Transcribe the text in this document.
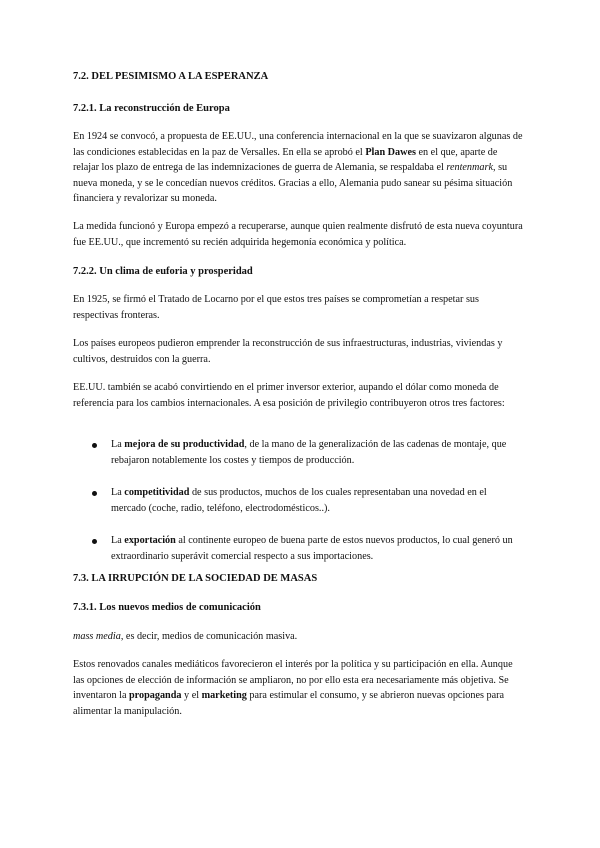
7.2. DEL PESIMISMO A LA ESPERANZA
7.2.1. La reconstrucción de Europa

En 1924 se convocó, a propuesta de EE.UU., una conferencia internacional en la que se suavizaron algunas de las condiciones establecidas en la paz de Versalles. En ella se aprobó el Plan Dawes en el que, aparte de relajar los plazo de entrega de las indemnizaciones de guerra de Alemania, se respaldaba el rentenmark, su nueva moneda, y se le concedían nuevos créditos. Gracias a ello, Alemania pudo sanear su pésima situación financiera y revalorizar su moneda.

La medida funcionó y Europa empezó a recuperarse, aunque quien realmente disfrutó de esta nueva coyuntura fue EE.UU., que incrementó su recién adquirida hegemonía económica y política.

7.2.2. Un clima de euforia y prosperidad

En 1925, se firmó el Tratado de Locarno por el que estos tres países se comprometían a respetar sus respectivas fronteras.

Los países europeos pudieron emprender la reconstrucción de sus infraestructuras, industrias, viviendas y cultivos, destruidos con la guerra.

EE.UU. también se acabó convirtiendo en el primer inversor exterior, aupando el dólar como moneda de referencia para los cambios internacionales. A esa posición de privilegio contribuyeron otros tres factores:

La mejora de su productividad, de la mano de la generalización de las cadenas de montaje, que rebajaron notablemente los costes y tiempos de producción.
La competitividad de sus productos, muchos de los cuales representaban una novedad en el mercado (coche, radio, teléfono, electrodomésticos..).
La exportación al continente europeo de buena parte de estos nuevos productos, lo cual generó un extraordinario superávit comercial respecto a sus importaciones.
7.3. LA IRRUPCIÓN DE LA SOCIEDAD DE MASAS
7.3.1. Los nuevos medios de comunicación

mass media, es decir, medios de comunicación masiva.

Estos renovados canales mediáticos favorecieron el interés por la política y su participación en ella. Aunque las opciones de elección de información se ampliaron, no por ello esta era necesariamente más objetiva. Se inventaron la propaganda y el marketing para estimular el consumo, y se abrieron nuevas opciones para alimentar la manipulación.
